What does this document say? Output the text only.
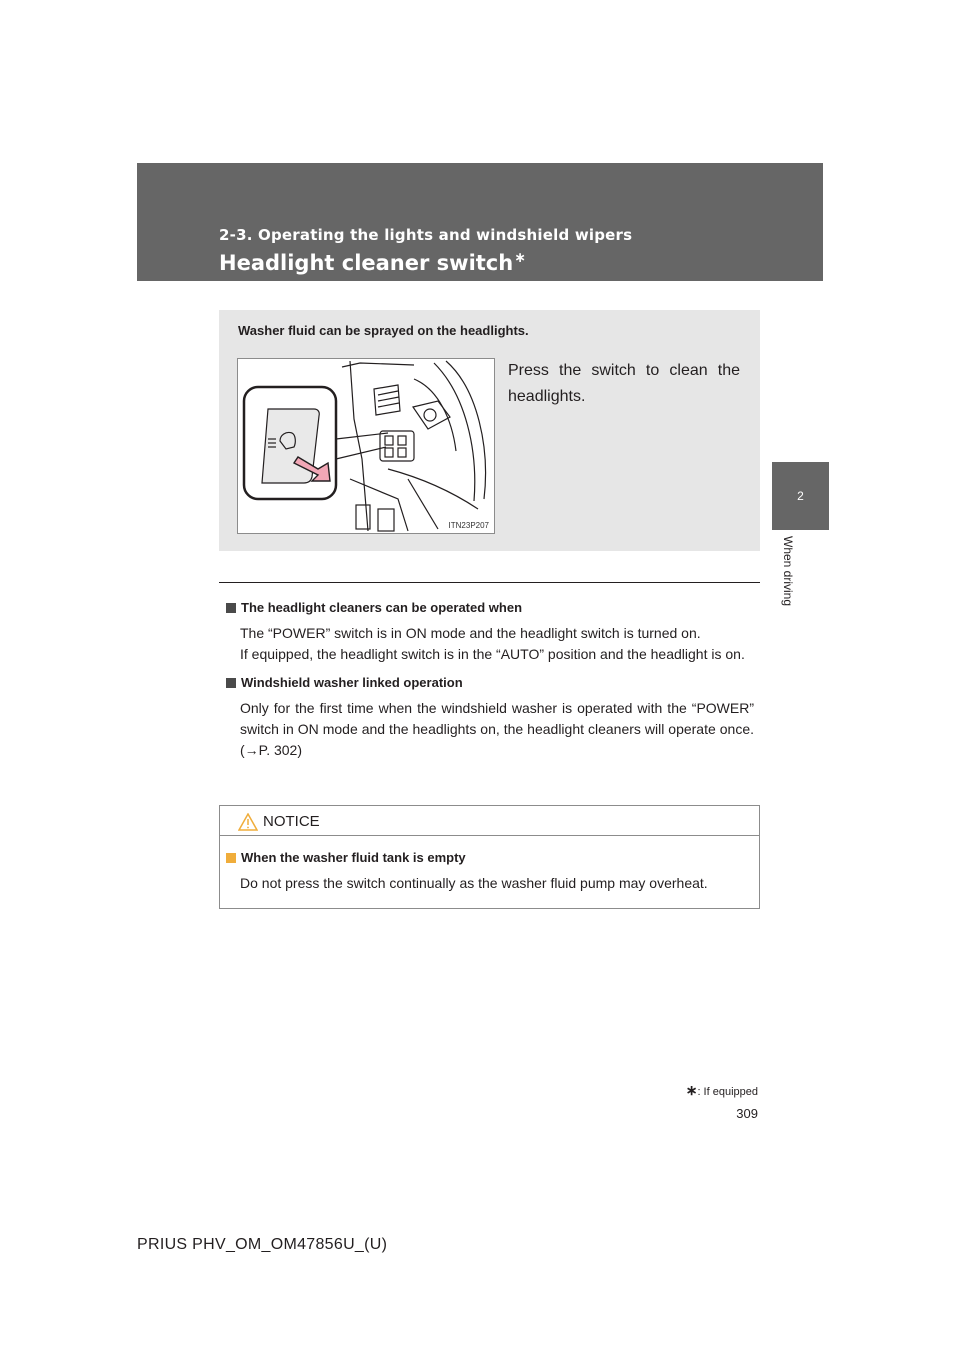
2-3. Operating the lights and windshield wipers
Headlight cleaner switch∗
2
When driving
Washer fluid can be sprayed on the headlights.
ITN23P207
Press the switch to clean the headlights.
The headlight cleaners can be operated when

The “POWER” switch is in ON mode and the headlight switch is turned on.

If equipped, the headlight switch is in the “AUTO” position and the headlight is on.

Windshield washer linked operation

Only for the first time when the windshield washer is operated with the “POWER” switch in ON mode and the headlights on, the headlight cleaners will operate once. (→P. 302)

NOTICE
When the washer fluid tank is empty

Do not press the switch continually as the washer fluid pump may overheat.

∗: If equipped
309
PRIUS PHV_OM_OM47856U_(U)
